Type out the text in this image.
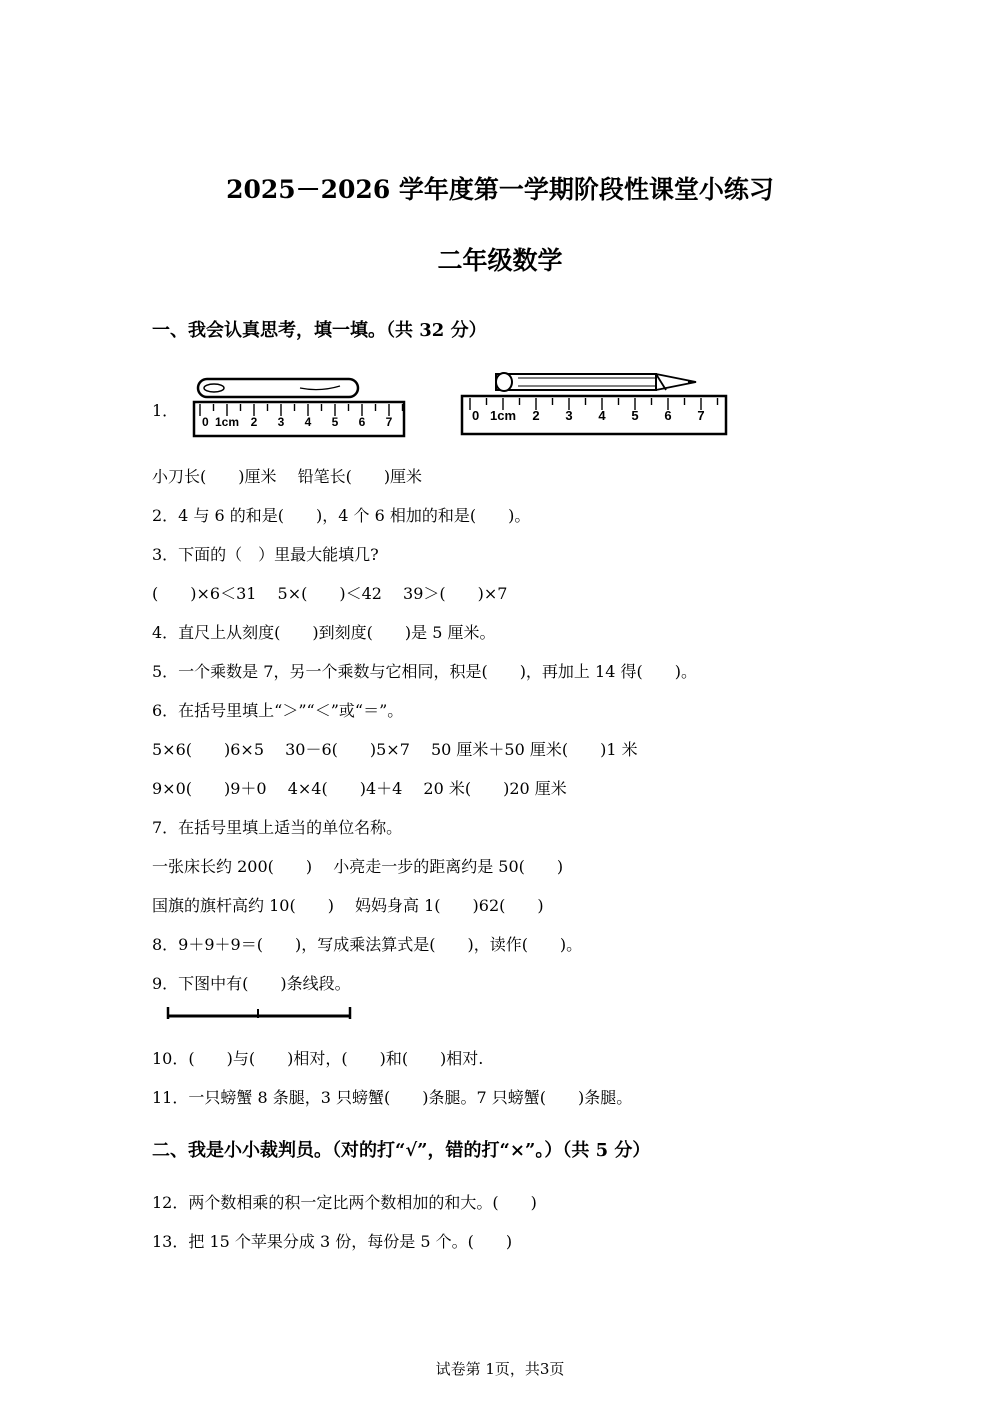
2025－2026 学年度第一学期阶段性课堂小练习
二年级数学
一、我会认真思考，填一填。（共 32 分）
1．
0 1cm 2 3 4 5 6 7	0 1cm 2 3 4 5 6 7
小刀长(　　)厘米　 铅笔长(　　)厘米
2．4 与 6 的和是(　　)，4 个 6 相加的和是(　　)。
3．下面的（　）里最大能填几?
(　　)×6＜31　 5×(　　)＜42　 39＞(　　)×7
4．直尺上从刻度(　　)到刻度(　　)是 5 厘米。
5．一个乘数是 7，另一个乘数与它相同，积是(　　)，再加上 14 得(　　)。
6．在括号里填上“＞”“＜”或“＝”。
5×6(　　)6×5　 30－6(　　)5×7　 50 厘米＋50 厘米(　　)1 米
9×0(　　)9＋0　 4×4(　　)4＋4　 20 米(　　)20 厘米
7．在括号里填上适当的单位名称。
一张床长约 200(　　)　 小亮走一步的距离约是 50(　　)
国旗的旗杆高约 10(　　)　 妈妈身高 1(　　)62(　　)
8．9＋9＋9＝(　　)，写成乘法算式是(　　)，读作(　　)。
9．下图中有(　　)条线段。
10．(　　)与(　　)相对，(　　)和(　　)相对.
11．一只螃蟹 8 条腿，3 只螃蟹(　　)条腿。7 只螃蟹(　　)条腿。
二、我是小小裁判员。（对的打“√”，错的打“×”。）（共 5 分）
12．两个数相乘的积一定比两个数相加的和大。(　　)
13．把 15 个苹果分成 3 份，每份是 5 个。(　　)
试卷第 1页，共3页
